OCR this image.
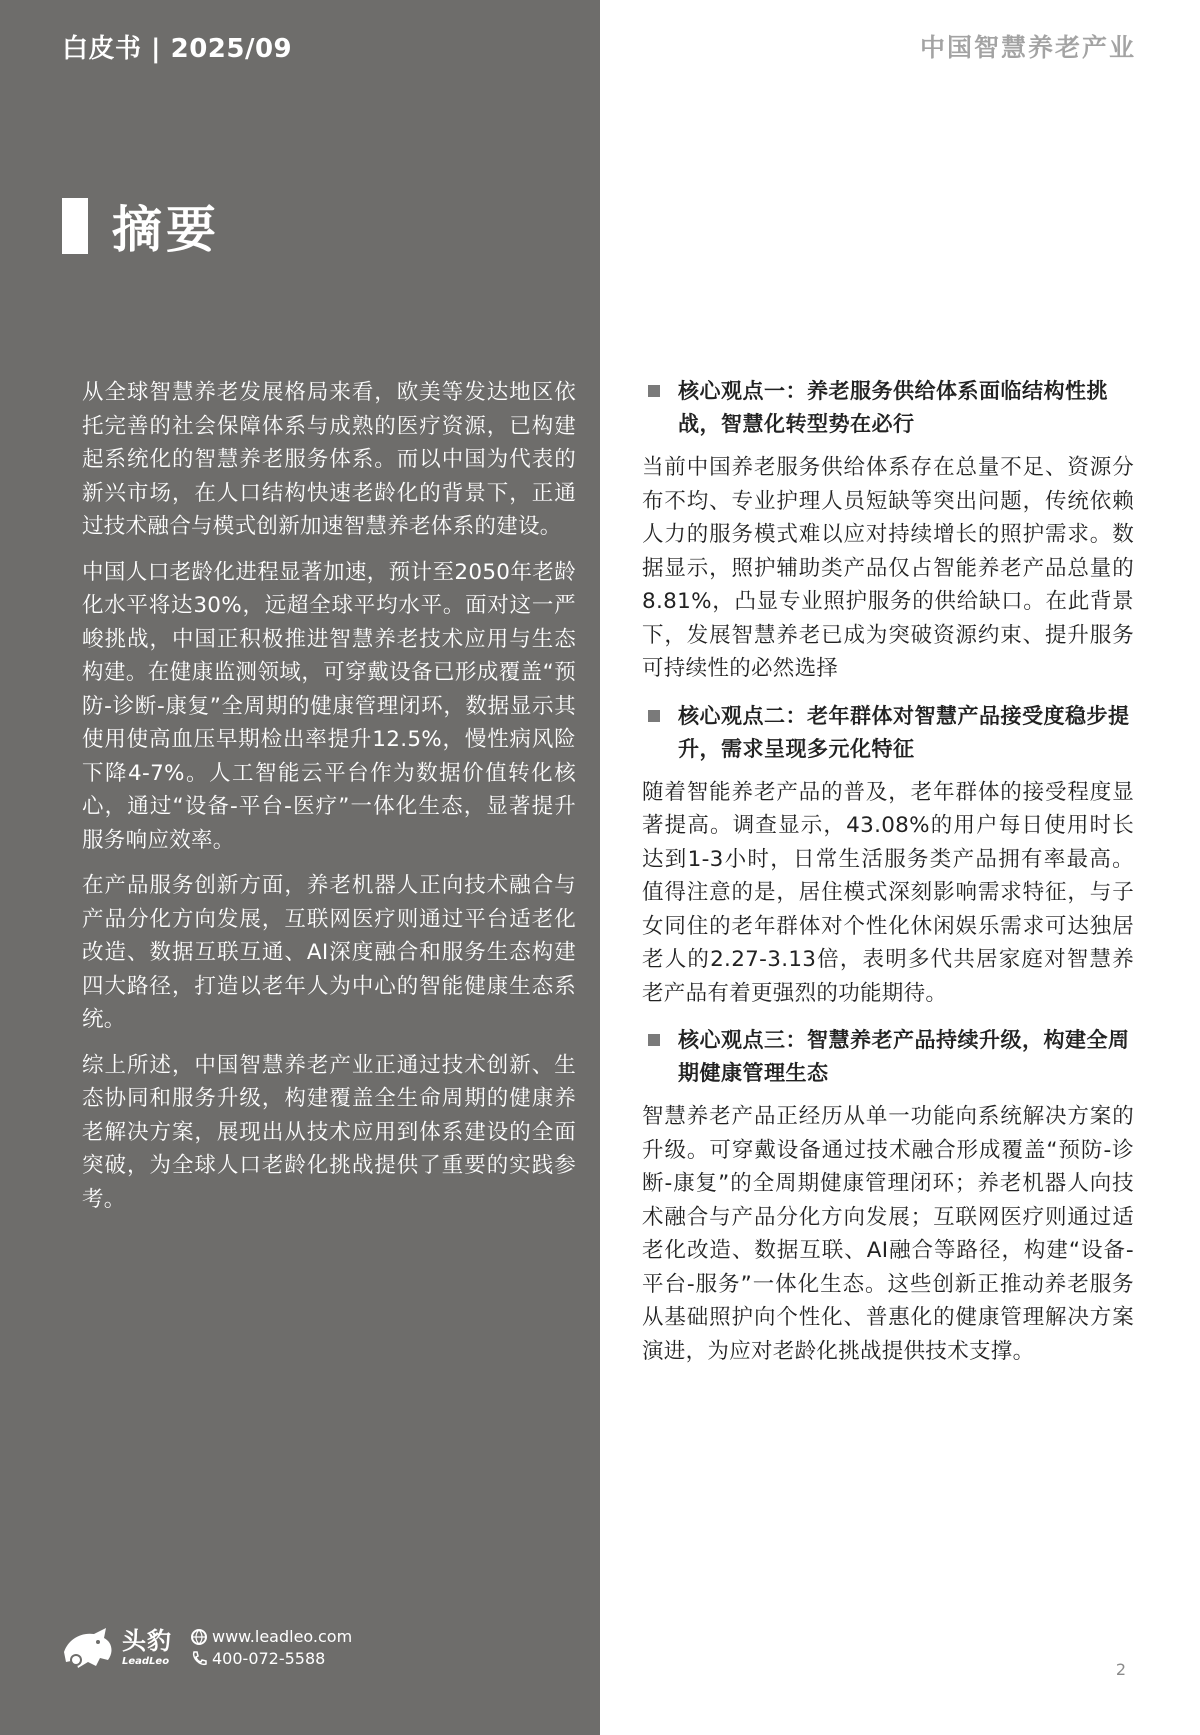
白皮书 | 2025/09
摘要

从全球智慧养老发展格局来看，欧美等发达地区依托完善的社会保障体系与成熟的医疗资源，已构建起系统化的智慧养老服务体系。而以中国为代表的新兴市场，在人口结构快速老龄化的背景下，正通过技术融合与模式创新加速智慧养老体系的建设。

中国人口老龄化进程显著加速，预计至2050年老龄化水平将达30%，远超全球平均水平。面对这一严峻挑战，中国正积极推进智慧养老技术应用与生态构建。在健康监测领域，可穿戴设备已形成覆盖“预防-诊断-康复”全周期的健康管理闭环，数据显示其使用使高血压早期检出率提升12.5%，慢性病风险下降4-7%。人工智能云平台作为数据价值转化核心，通过“设备-平台-医疗”一体化生态，显著提升服务响应效率。

在产品服务创新方面，养老机器人正向技术融合与产品分化方向发展，互联网医疗则通过平台适老化改造、数据互联互通、AI深度融合和服务生态构建四大路径，打造以老年人为中心的智能健康生态系统。

综上所述，中国智慧养老产业正通过技术创新、生态协同和服务升级，构建覆盖全生命周期的健康养老解决方案，展现出从技术应用到体系建设的全面突破，为全球人口老龄化挑战提供了重要的实践参考。

头豹
LeadLeo
www.leadleo.com
400-072-5588
中国智慧养老产业
核心观点一：养老服务供给体系面临结构性挑战，智慧化转型势在必行
当前中国养老服务供给体系存在总量不足、资源分布不均、专业护理人员短缺等突出问题，传统依赖人力的服务模式难以应对持续增长的照护需求。数据显示，照护辅助类产品仅占智能养老产品总量的8.81%，凸显专业照护服务的供给缺口。在此背景下，发展智慧养老已成为突破资源约束、提升服务可持续性的必然选择
核心观点二：老年群体对智慧产品接受度稳步提升，需求呈现多元化特征
随着智能养老产品的普及，老年群体的接受程度显著提高。调查显示，43.08%的用户每日使用时长达到1-3小时，日常生活服务类产品拥有率最高。值得注意的是，居住模式深刻影响需求特征，与子女同住的老年群体对个性化休闲娱乐需求可达独居老人的2.27-3.13倍，表明多代共居家庭对智慧养老产品有着更强烈的功能期待。
核心观点三：智慧养老产品持续升级，构建全周期健康管理生态
智慧养老产品正经历从单一功能向系统解决方案的升级。可穿戴设备通过技术融合形成覆盖“预防-诊断-康复”的全周期健康管理闭环；养老机器人向技术融合与产品分化方向发展；互联网医疗则通过适老化改造、数据互联、AI融合等路径，构建“设备-平台-服务”一体化生态。这些创新正推动养老服务从基础照护向个性化、普惠化的健康管理解决方案演进，为应对老龄化挑战提供技术支撑。
2
